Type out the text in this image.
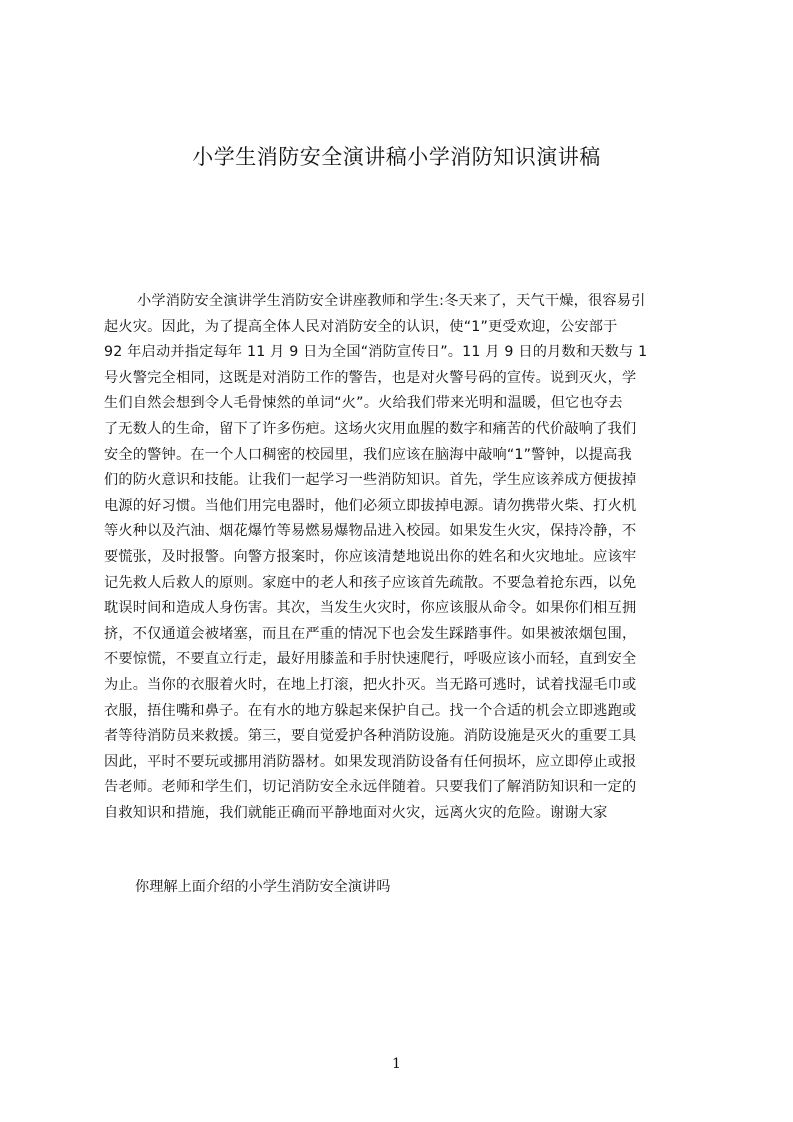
小学生消防安全演讲稿小学消防知识演讲稿
小学消防安全演讲学生消防安全讲座教师和学生:冬天来了，天气干燥，很容易引
起火灾。因此，为了提高全体人民对消防安全的认识，使“1”更受欢迎，公安部于
92 年启动并指定每年 11 月 9 日为全国“消防宣传日”。11 月 9 日的月数和天数与 1
号火警完全相同，这既是对消防工作的警告，也是对火警号码的宣传。说到灭火，学
生们自然会想到令人毛骨悚然的单词“火”。火给我们带来光明和温暖，但它也夺去
了无数人的生命，留下了许多伤疤。这场火灾用血腥的数字和痛苦的代价敲响了我们
安全的警钟。在一个人口稠密的校园里，我们应该在脑海中敲响“1”警钟，以提高我
们的防火意识和技能。让我们一起学习一些消防知识。首先，学生应该养成方便拔掉
电源的好习惯。当他们用完电器时，他们必须立即拔掉电源。请勿携带火柴、打火机
等火种以及汽油、烟花爆竹等易燃易爆物品进入校园。如果发生火灾，保持冷静，不
要慌张，及时报警。向警方报案时，你应该清楚地说出你的姓名和火灾地址。应该牢
记先救人后救人的原则。家庭中的老人和孩子应该首先疏散。不要急着抢东西，以免
耽误时间和造成人身伤害。其次，当发生火灾时，你应该服从命令。如果你们相互拥
挤，不仅通道会被堵塞，而且在严重的情况下也会发生踩踏事件。如果被浓烟包围，
不要惊慌，不要直立行走，最好用膝盖和手肘快速爬行，呼吸应该小而轻，直到安全
为止。当你的衣服着火时，在地上打滚，把火扑灭。当无路可逃时，试着找湿毛巾或
衣服，捂住嘴和鼻子。在有水的地方躲起来保护自己。找一个合适的机会立即逃跑或
者等待消防员来救援。第三，要自觉爱护各种消防设施。消防设施是灭火的重要工具
因此，平时不要玩或挪用消防器材。如果发现消防设备有任何损坏，应立即停止或报
告老师。老师和学生们，切记消防安全永远伴随着。只要我们了解消防知识和一定的
自救知识和措施，我们就能正确而平静地面对火灾，远离火灾的危险。谢谢大家
你理解上面介绍的小学生消防安全演讲吗
1
